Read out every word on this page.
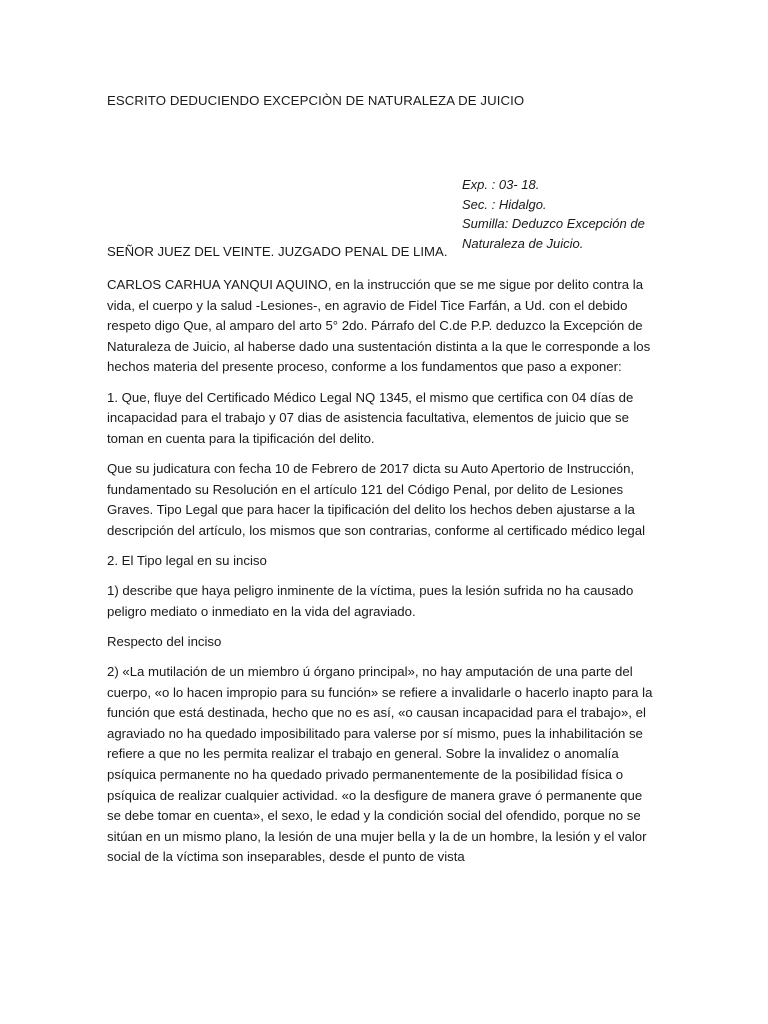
ESCRITO DEDUCIENDO EXCEPCIÒN DE NATURALEZA DE JUICIO

Exp. : 03- 18.
Sec. : Hidalgo.
Sumilla: Deduzco Excepción de
Naturaleza de Juicio.

SEÑOR JUEZ DEL VEINTE. JUZGADO PENAL DE LIMA.

CARLOS CARHUA YANQUI AQUINO, en la instrucción que se me sigue por delito contra la vida, el cuerpo y la salud -Lesiones-, en agravio de Fidel Tice Farfán, a Ud. con el debido respeto digo Que, al amparo del arto 5° 2do. Párrafo del C.de P.P. deduzco la Excepción de Naturaleza de Juicio, al haberse dado una sustentación distinta a la que le corresponde a los hechos materia del presente proceso, conforme a los fundamentos que paso a exponer:

1. Que, fluye del Certificado Médico Legal NQ 1345, el mismo que certifica con 04 días de incapacidad para el trabajo y 07 dias de asistencia facultativa, elementos de juicio que se toman en cuenta para la tipificación del delito.

Que su judicatura con fecha 10 de Febrero de 2017 dicta su Auto Apertorio de Instrucción, fundamentado su Resolución en el artículo 121 del Código Penal, por delito de Lesiones Graves. Tipo Legal que para hacer la tipificación del delito los hechos deben ajustarse a la descripción del artículo, los mismos que son contrarias, conforme al certificado médico legal

2. El Tipo legal en su inciso

1) describe que haya peligro inminente de la víctima, pues la lesión sufrida no ha causado peligro mediato o inmediato en la vida del agraviado.

Respecto del inciso

2) «La mutilación de un miembro ú órgano principal», no hay amputación de una parte del cuerpo, «o lo hacen impropio para su función» se refiere a invalidarle o hacerlo inapto para la función que está destinada, hecho que no es así, «o causan incapacidad para el trabajo», el agraviado no ha quedado imposibilitado para valerse por sí mismo, pues la inhabilitación se refiere a que no les permita realizar el trabajo en general. Sobre la invalidez o anomalía psíquica permanente no ha quedado privado permanentemente de la posibilidad física o psíquica de realizar cualquier actividad. «o la desfigure de manera grave ó permanente que se debe tomar en cuenta», el sexo, le edad y la condición social del ofendido, porque no se sitúan en un mismo plano, la lesión de una mujer bella y la de un hombre, la lesión y el valor social de la víctima son inseparables, desde el punto de vista
